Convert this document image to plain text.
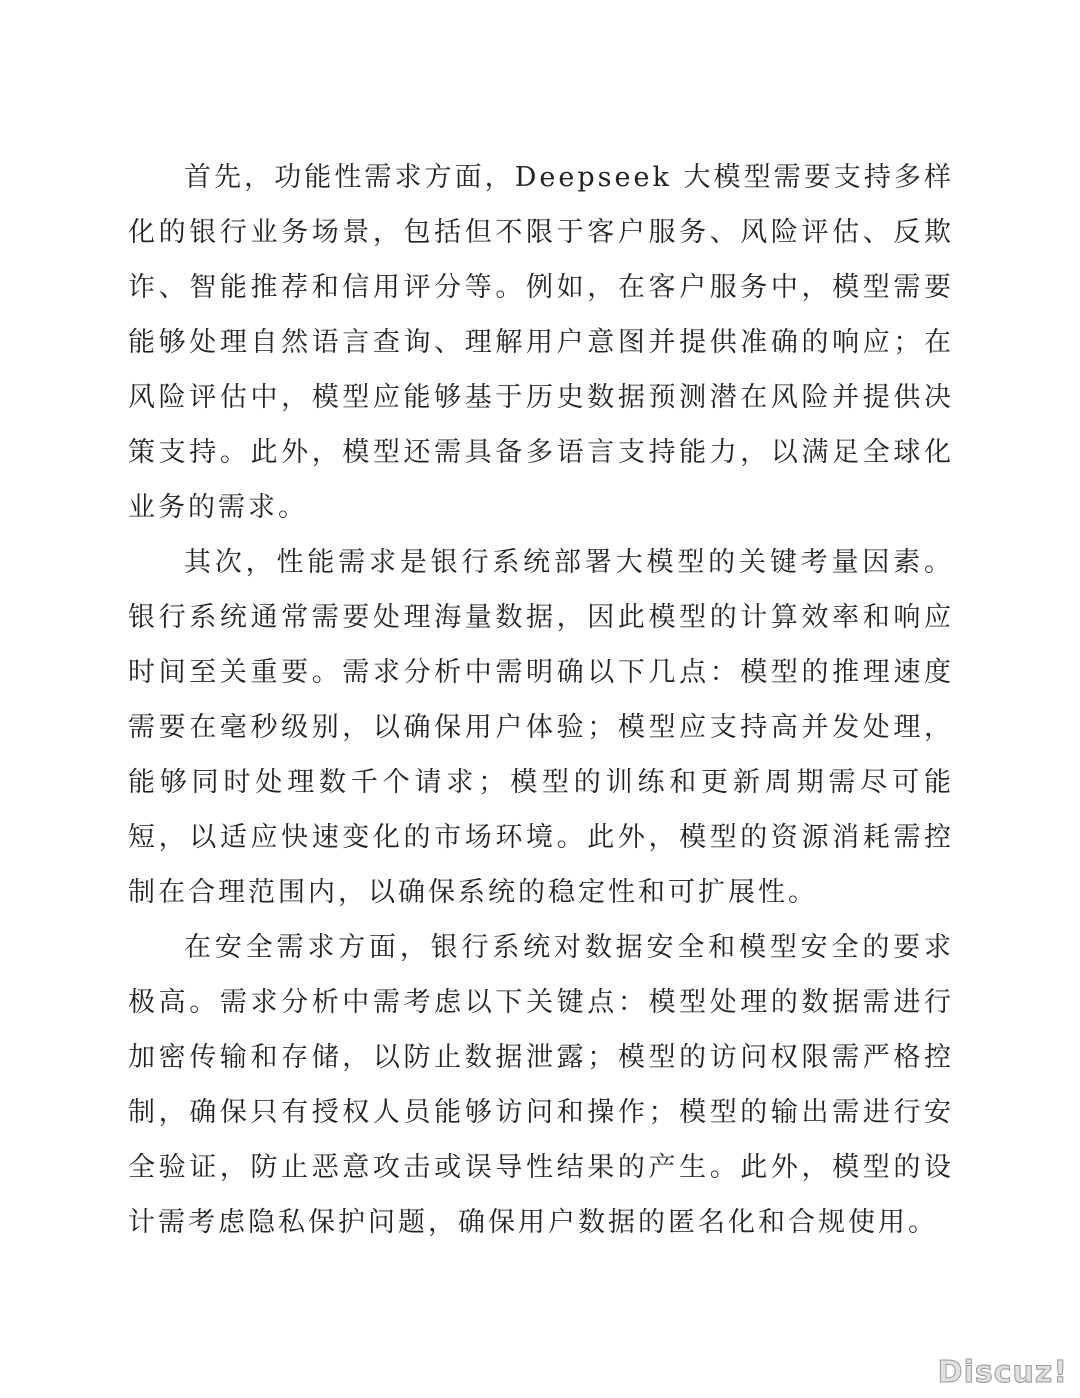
首先，功能性需求方面，Deepseek 大模型需要支持多样化的银行业务场景，包括但不限于客户服务、风险评估、反欺诈、智能推荐和信用评分等。例如，在客户服务中，模型需要能够处理自然语言查询、理解用户意图并提供准确的响应；在风险评估中，模型应能够基于历史数据预测潜在风险并提供决策支持。此外，模型还需具备多语言支持能力，以满足全球化业务的需求。

其次，性能需求是银行系统部署大模型的关键考量因素。银行系统通常需要处理海量数据，因此模型的计算效率和响应时间至关重要。需求分析中需明确以下几点：模型的推理速度需要在毫秒级别，以确保用户体验；模型应支持高并发处理，能够同时处理数千个请求；模型的训练和更新周期需尽可能短，以适应快速变化的市场环境。此外，模型的资源消耗需控制在合理范围内，以确保系统的稳定性和可扩展性。

在安全需求方面，银行系统对数据安全和模型安全的要求极高。需求分析中需考虑以下关键点：模型处理的数据需进行加密传输和存储，以防止数据泄露；模型的访问权限需严格控制，确保只有授权人员能够访问和操作；模型的输出需进行安全验证，防止恶意攻击或误导性结果的产生。此外，模型的设计需考虑隐私保护问题，确保用户数据的匿名化和合规使用。

Discuz!
